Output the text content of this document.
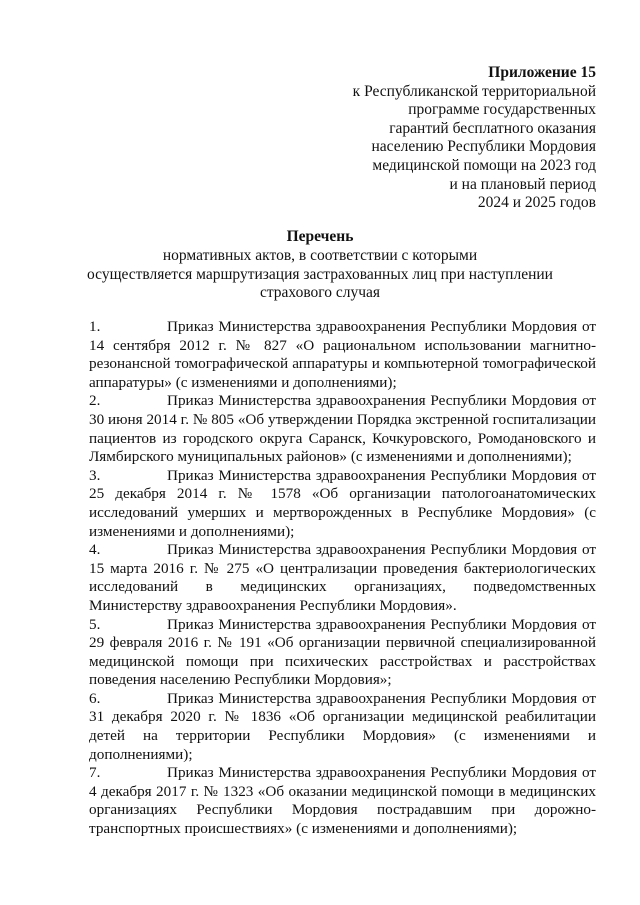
Приложение 15
к Республиканской территориальной
программе государственных
гарантий бесплатного оказания
населению Республики Мордовия
медицинской помощи на 2023 год
и на плановый период
2024 и 2025 годов
Перечень
нормативных актов, в соответствии с которыми
осуществляется маршрутизация застрахованных лиц при наступлении
страхового случая

1.	Приказ Министерства здравоохранения Республики Мордовия от 14 сентября 2012 г. № 827 «О рациональном использовании магнитно-резонансной томографической аппаратуры и компьютерной томографической аппаратуры» (с изменениями и дополнениями);

2.	Приказ Министерства здравоохранения Республики Мордовия от 30 июня 2014 г. № 805 «Об утверждении Порядка экстренной госпитализации пациентов из городского округа Саранск, Кочкуровского, Ромодановского и Лямбирского муниципальных районов» (с изменениями и дополнениями);

3.	Приказ Министерства здравоохранения Республики Мордовия от 25 декабря 2014 г. № 1578 «Об организации патологоанатомических исследований умерших и мертворожденных в Республике Мордовия» (с изменениями и дополнениями);

4.	Приказ Министерства здравоохранения Республики Мордовия от 15 марта 2016 г. № 275 «О централизации проведения бактериологических исследований в медицинских организациях, подведомственных Министерству здравоохранения Республики Мордовия».

5.	Приказ Министерства здравоохранения Республики Мордовия от 29 февраля 2016 г. № 191 «Об организации первичной специализированной медицинской помощи при психических расстройствах и расстройствах поведения населению Республики Мордовия»;

6.	Приказ Министерства здравоохранения Республики Мордовия от 31 декабря 2020 г. № 1836 «Об организации медицинской реабилитации детей на территории Республики Мордовия» (с изменениями и дополнениями);

7.	Приказ Министерства здравоохранения Республики Мордовия от 4 декабря 2017 г. № 1323 «Об оказании медицинской помощи в медицинских организациях Республики Мордовия пострадавшим при дорожно-транспортных происшествиях» (с изменениями и дополнениями);
